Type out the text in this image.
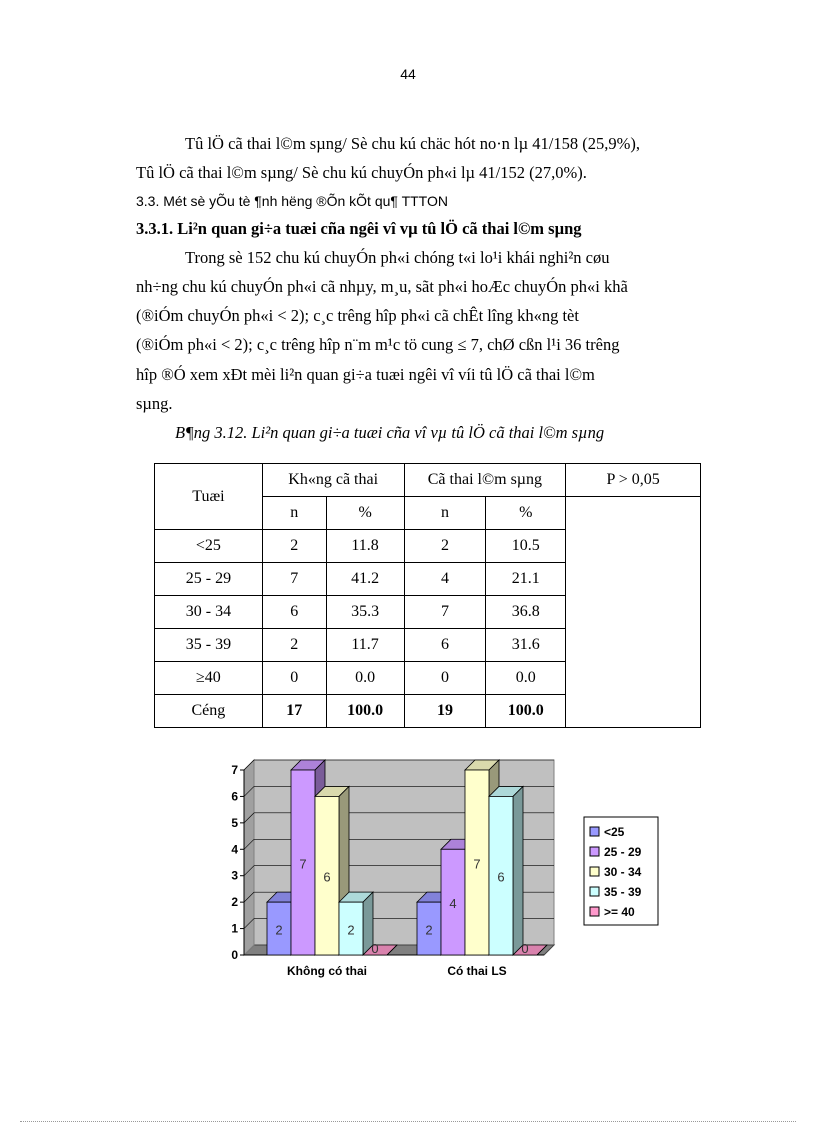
44
Tû lÖ cã thai l©m sµng/ Sè chu kú chäc hót no·n lµ 41/158 (25,9%),
Tû lÖ cã thai l©m sµng/ Sè chu kú chuyÓn ph«i lµ 41/152 (27,0%).
3.3. Mét sè yÕu tè ¶nh hëng ®Õn kÕt qu¶ TTTON
3.3.1. Li²n quan gi÷a tuæi cña ngêi vî vµ tû lÖ cã thai l©m sµng
Trong sè 152 chu kú chuyÓn ph«i chóng t«i lo¹i khái nghi²n cøu
nh÷ng chu kú chuyÓn ph«i cã nhµy, m¸u, sãt ph«i hoÆc chuyÓn ph«i khã
(®iÓm chuyÓn ph«i < 2); c¸c trêng hîp ph«i cã chÊt lîng kh«ng tèt
(®iÓm ph«i < 2); c¸c trêng hîp n¨m m¹c tö cung ≤ 7, chØ cßn l¹i 36 trêng
hîp ®Ó xem xÐt mèi li²n quan gi÷a tuæi ngêi vî víi tû lÖ cã thai l©m
sµng.
B¶ng 3.12. Li²n quan gi÷a tuæi cña vî vµ tû lÖ cã thai l©m sµng
Tuæi	Kh«ng cã thai		Cã thai l©m sµng		P > 0,05
	n	%	n	%	
<25	2	11.8	2	10.5	
25 - 29	7	41.2	4	21.1	
30 - 34	6	35.3	7	36.8	
35 - 39	2	11.7	6	31.6	
≥40	0	0.0	0	0.0	
Céng	17	100.0	19	100.0	
0
1
2
3
4
5
6
7
2
7
6
2
0
Không có thai
2
4
7
6
0
Có thai LS
<25
25 - 29
30 - 34
35 - 39
>= 40
